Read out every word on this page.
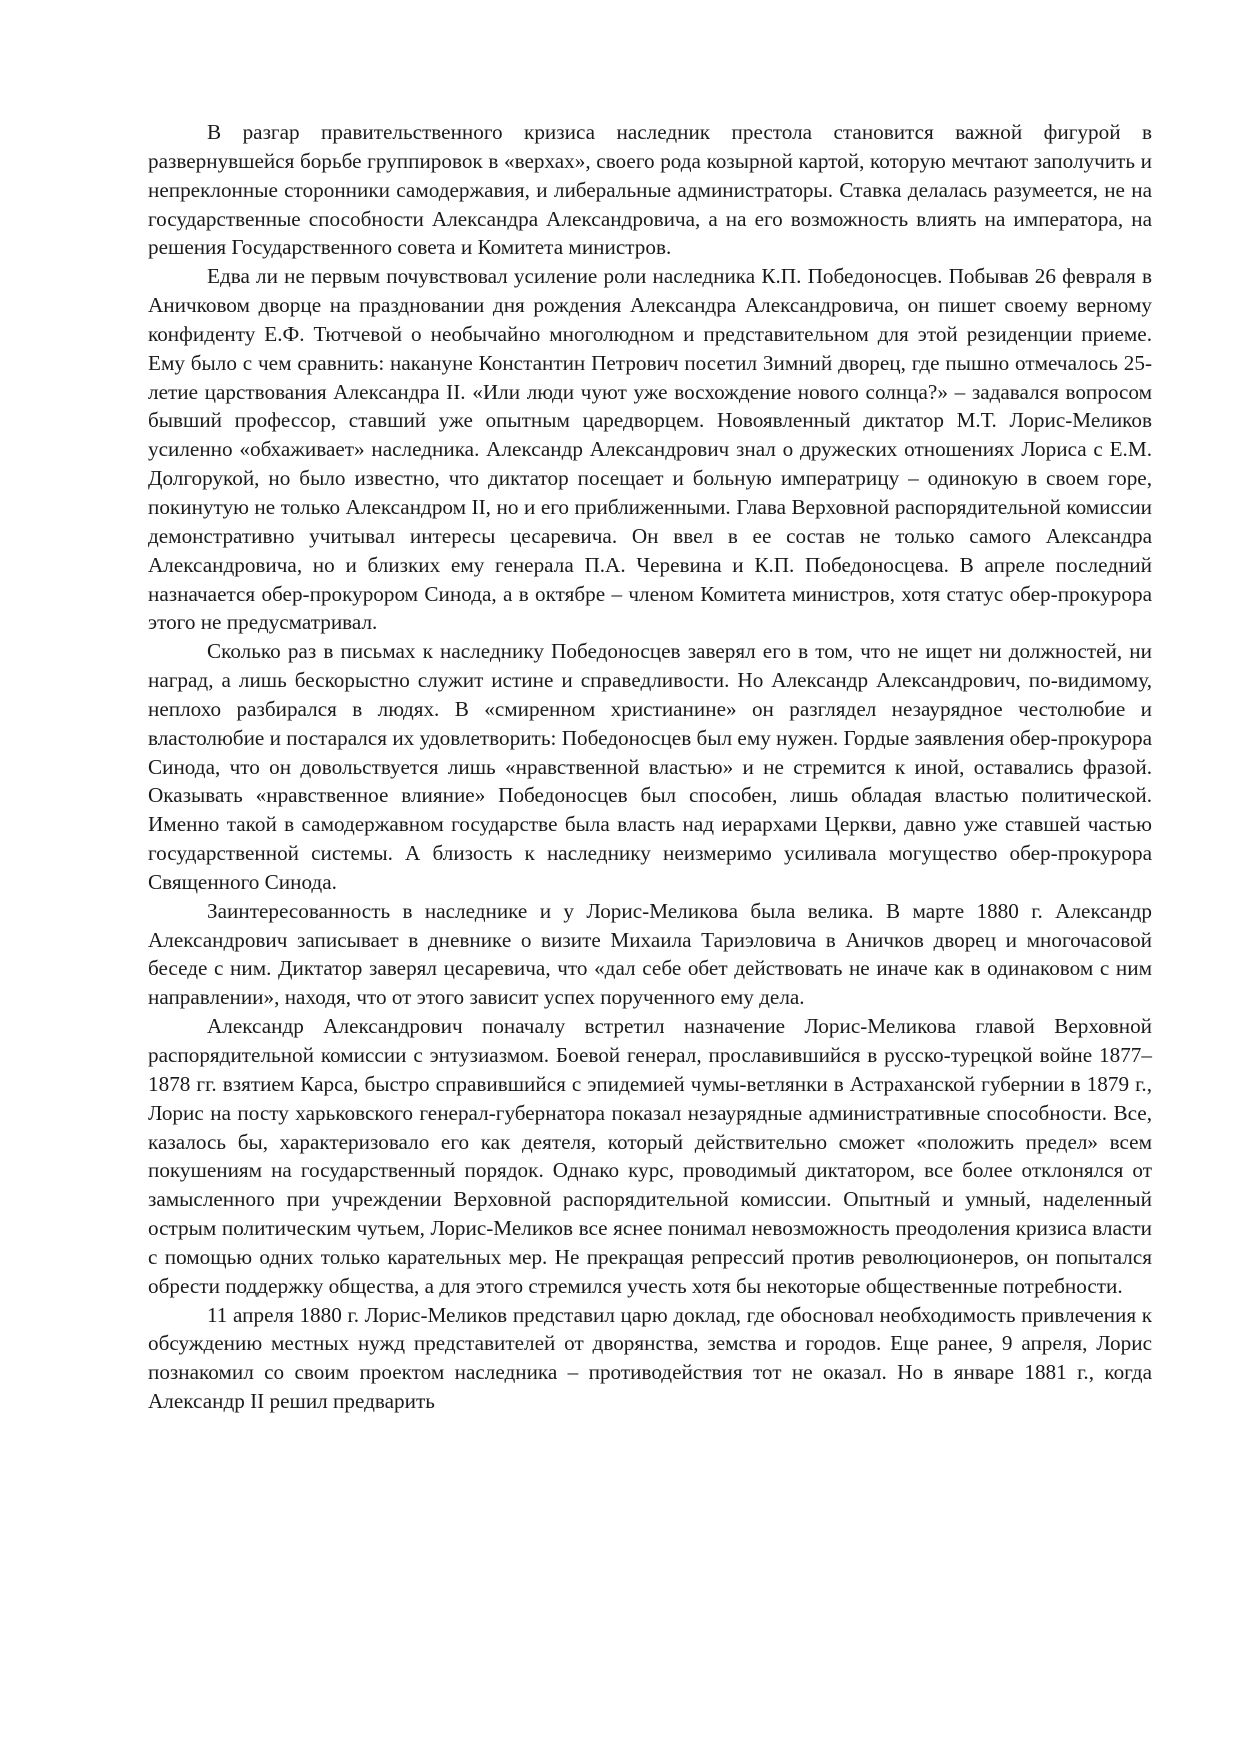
В разгар правительственного кризиса наследник престола становится важной фигурой в развернувшейся борьбе группировок в «верхах», своего рода козырной картой, которую мечтают заполучить и непреклонные сторонники самодержавия, и либеральные администраторы. Ставка делалась разумеется, не на государственные способности Александра Александровича, а на его возможность влиять на императора, на решения Государственного совета и Комитета министров.

Едва ли не первым почувствовал усиление роли наследника К.П. Победоносцев. Побывав 26 февраля в Аничковом дворце на праздновании дня рождения Александра Александровича, он пишет своему верному конфиденту Е.Ф. Тютчевой о необычайно многолюдном и представительном для этой резиденции приеме. Ему было с чем сравнить: накануне Константин Петрович посетил Зимний дворец, где пышно отмечалось 25-летие царствования Александра II. «Или люди чуют уже восхождение нового солнца?» – задавался вопросом бывший профессор, ставший уже опытным царедворцем. Новоявленный диктатор М.Т. Лорис-Меликов усиленно «обхаживает» наследника. Александр Александрович знал о дружеских отношениях Лориса с Е.М. Долгорукой, но было известно, что диктатор посещает и больную императрицу – одинокую в своем горе, покинутую не только Александром II, но и его приближенными. Глава Верховной распорядительной комиссии демонстративно учитывал интересы цесаревича. Он ввел в ее состав не только самого Александра Александровича, но и близких ему генерала П.А. Черевина и К.П. Победоносцева. В апреле последний назначается обер-прокурором Синода, а в октябре – членом Комитета министров, хотя статус обер-прокурора этого не предусматривал.

Сколько раз в письмах к наследнику Победоносцев заверял его в том, что не ищет ни должностей, ни наград, а лишь бескорыстно служит истине и справедливости. Но Александр Александрович, по-видимому, неплохо разбирался в людях. В «смиренном христианине» он разглядел незаурядное честолюбие и властолюбие и постарался их удовлетворить: Победоносцев был ему нужен. Гордые заявления обер-прокурора Синода, что он довольствуется лишь «нравственной властью» и не стремится к иной, оставались фразой. Оказывать «нравственное влияние» Победоносцев был способен, лишь обладая властью политической. Именно такой в самодержавном государстве была власть над иерархами Церкви, давно уже ставшей частью государственной системы. А близость к наследнику неизмеримо усиливала могущество обер-прокурора Священного Синода.

Заинтересованность в наследнике и у Лорис-Меликова была велика. В марте 1880 г. Александр Александрович записывает в дневнике о визите Михаила Тариэловича в Аничков дворец и многочасовой беседе с ним. Диктатор заверял цесаревича, что «дал себе обет действовать не иначе как в одинаковом с ним направлении», находя, что от этого зависит успех порученного ему дела.

Александр Александрович поначалу встретил назначение Лорис-Меликова главой Верховной распорядительной комиссии с энтузиазмом. Боевой генерал, прославившийся в русско-турецкой войне 1877–1878 гг. взятием Карса, быстро справившийся с эпидемией чумы-ветлянки в Астраханской губернии в 1879 г., Лорис на посту харьковского генерал-губернатора показал незаурядные административные способности. Все, казалось бы, характеризовало его как деятеля, который действительно сможет «положить предел» всем покушениям на государственный порядок. Однако курс, проводимый диктатором, все более отклонялся от замысленного при учреждении Верховной распорядительной комиссии. Опытный и умный, наделенный острым политическим чутьем, Лорис-Меликов все яснее понимал невозможность преодоления кризиса власти с помощью одних только карательных мер. Не прекращая репрессий против революционеров, он попытался обрести поддержку общества, а для этого стремился учесть хотя бы некоторые общественные потребности.

11 апреля 1880 г. Лорис-Меликов представил царю доклад, где обосновал необходимость привлечения к обсуждению местных нужд представителей от дворянства, земства и городов. Еще ранее, 9 апреля, Лорис познакомил со своим проектом наследника – противодействия тот не оказал. Но в январе 1881 г., когда Александр II решил предварить
